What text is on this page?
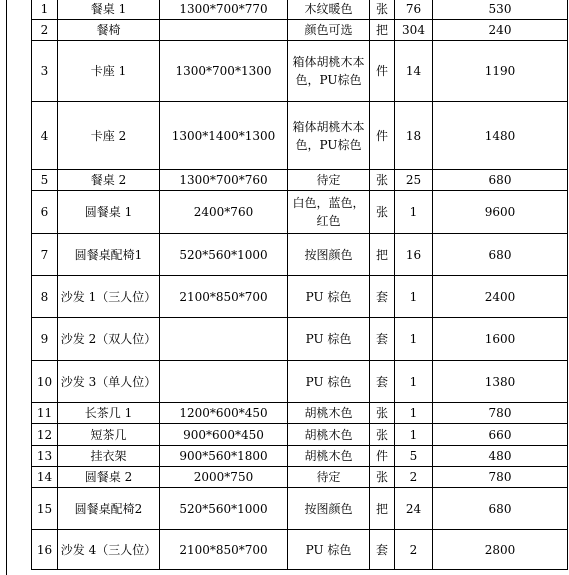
1	餐桌 1	1300*700*770	木纹暖色	张	76	530
2	餐椅		颜色可选	把	304	240
3	卡座 1	1300*700*1300	箱体胡桃木本色，PU棕色	件	14	1190
4	卡座 2	1300*1400*1300	箱体胡桃木本色，PU棕色	件	18	1480
5	餐桌 2	1300*700*760	待定	张	25	680
6	圆餐桌 1	2400*760	白色，蓝色，红色	张	1	9600
7	圆餐桌配椅1	520*560*1000	按图颜色	把	16	680
8	沙发 1（三人位）	2100*850*700	PU 棕色	套	1	2400
9	沙发 2（双人位）		PU 棕色	套	1	1600
10	沙发 3（单人位）		PU 棕色	套	1	1380
11	长茶几 1	1200*600*450	胡桃木色	张	1	780
12	短茶几	900*600*450	胡桃木色	张	1	660
13	挂衣架	900*560*1800	胡桃木色	件	5	480
14	圆餐桌 2	2000*750	待定	张	2	780
15	圆餐桌配椅2	520*560*1000	按图颜色	把	24	680
16	沙发 4（三人位）	2100*850*700	PU 棕色	套	2	2800
